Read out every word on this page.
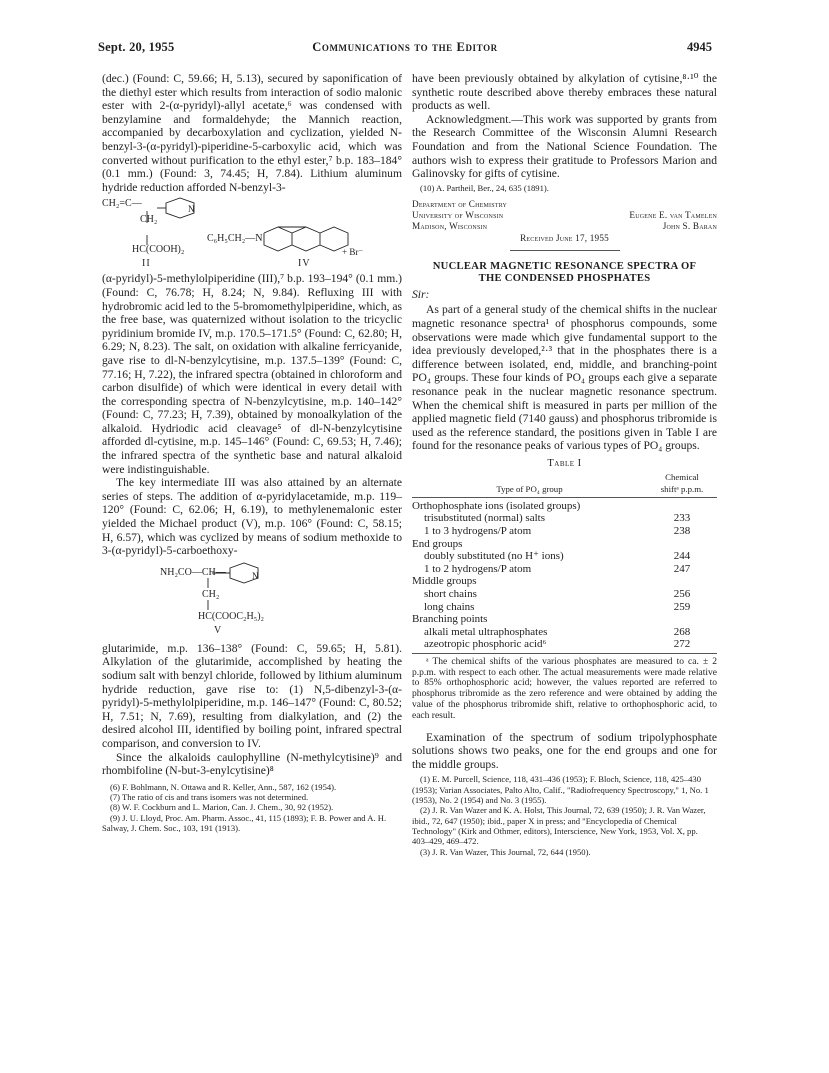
Sept. 20, 1955	Communications to the Editor	4945

(dec.) (Found: C, 59.66; H, 5.13), secured by saponification of the diethyl ester which results from interaction of sodio malonic ester with 2-(α-pyridyl)-allyl acetate,⁶ was condensed with benzylamine and formaldehyde; the Mannich reaction, accompanied by decarboxylation and cyclization, yielded N-benzyl-3-(α-pyridyl)-piperidine-5-carboxylic acid, which was converted without purification to the ethyl ester,⁷ b.p. 183–184° (0.1 mm.) (Found: 3, 74.45; H, 7.84). Lithium aluminum hydride reduction afforded N-benzyl-3-

CH₂=C—	N
CH₂
HC(COOH)₂
II
C₆H₅CH₂—N
+ Br⁻
IV

(α-pyridyl)-5-methylolpiperidine (III),⁷ b.p. 193–194° (0.1 mm.) (Found: C, 76.78; H, 8.24; N, 9.84). Refluxing III with hydrobromic acid led to the 5-bromomethylpiperidine, which, as the free base, was quaternized without isolation to the tricyclic pyridinium bromide IV, m.p. 170.5–171.5° (Found: C, 62.80; H, 6.29; N, 8.23). The salt, on oxidation with alkaline ferricyanide, gave rise to dl-N-benzylcytisine, m.p. 137.5–139° (Found: C, 77.16; H, 7.22), the infrared spectra (obtained in chloroform and carbon disulfide) of which were identical in every detail with the corresponding spectra of N-benzylcytisine, m.p. 140–142° (Found: C, 77.23; H, 7.39), obtained by monoalkylation of the alkaloid. Hydriodic acid cleavage⁵ of dl-N-benzylcytisine afforded dl-cytisine, m.p. 145–146° (Found: C, 69.53; H, 7.46); the infrared spectra of the synthetic base and natural alkaloid were indistinguishable.

The key intermediate III was also attained by an alternate series of steps. The addition of α-pyridylacetamide, m.p. 119–120° (Found: C, 62.06; H, 6.19), to methylenemalonic ester yielded the Michael product (V), m.p. 106° (Found: C, 58.15; H, 6.57), which was cyclized by means of sodium methoxide to 3-(α-pyridyl)-5-carboethoxy-

NH₂CO—CH—	N
CH₂
HC(COOC₂H₅)₂
V

glutarimide, m.p. 136–138° (Found: C, 59.65; H, 5.81). Alkylation of the glutarimide, accomplished by heating the sodium salt with benzyl chloride, followed by lithium aluminum hydride reduction, gave rise to: (1) N,5-dibenzyl-3-(α-pyridyl)-5-methylolpiperidine, m.p. 146–147° (Found: C, 80.52; H, 7.51; N, 7.69), resulting from dialkylation, and (2) the desired alcohol III, identified by boiling point, infrared spectral comparison, and conversion to IV.

Since the alkaloids caulophylline (N-methylcytisine)⁹ and rhombifoline (N-but-3-enylcytisine)⁸

(6) F. Bohlmann, N. Ottawa and R. Keller, Ann., 587, 162 (1954).

(7) The ratio of cis and trans isomers was not determined.

(8) W. F. Cockburn and L. Marion, Can. J. Chem., 30, 92 (1952).

(9) J. U. Lloyd, Proc. Am. Pharm. Assoc., 41, 115 (1893); F. B. Power and A. H. Salway, J. Chem. Soc., 103, 191 (1913).

have been previously obtained by alkylation of cytisine,⁸·¹⁰ the synthetic route described above thereby embraces these natural products as well.

Acknowledgment.—This work was supported by grants from the Research Committee of the Wisconsin Alumni Research Foundation and from the National Science Foundation. The authors wish to express their gratitude to Professors Marion and Galinovsky for gifts of cytisine.

(10) A. Partheil, Ber., 24, 635 (1891).

Department of Chemistry
University of Wisconsin	Eugene E. van Tamelen
Madison, Wisconsin	John S. Baran
Received June 17, 1955
NUCLEAR MAGNETIC RESONANCE SPECTRA OF
THE CONDENSED PHOSPHATES

Sir:

As part of a general study of the chemical shifts in the nuclear magnetic resonance spectra¹ of phosphorus compounds, some observations were made which give fundamental support to the idea previously developed,²·³ that in the phosphates there is a difference between isolated, end, middle, and branching-point PO₄ groups. These four kinds of PO₄ groups each give a separate resonance peak in the nuclear magnetic resonance spectrum. When the chemical shift is measured in parts per million of the applied magnetic field (7140 gauss) and phosphorus tribromide is used as the reference standard, the positions given in Table I are found for the resonance peaks of various types of PO₄ groups.

Table I
Type of PO₄ group	Chemical
shiftᵃ p.p.m.

Orthophosphate ions (isolated groups)	
trisubstituted (normal) salts	233
1 to 3 hydrogens/P atom	238
End groups	
doubly substituted (no H⁺ ions)	244
1 to 2 hydrogens/P atom	247
Middle groups	
short chains	256
long chains	259
Branching points	
alkali metal ultraphosphates	268
azeotropic phosphoric acid⁶	272

ᵃ The chemical shifts of the various phosphates are measured to ca. ± 2 p.p.m. with respect to each other. The actual measurements were made relative to 85% orthophosphoric acid; however, the values reported are referred to phosphorus tribromide as the zero reference and were obtained by adding the value of the phosphorus tribromide shift, relative to orthophosphoric acid, to each result.

Examination of the spectrum of sodium tripolyphosphate solutions shows two peaks, one for the end groups and one for the middle groups.

(1) E. M. Purcell, Science, 118, 431–436 (1953); F. Bloch, Science, 118, 425–430 (1953); Varian Associates, Palto Alto, Calif., "Radiofrequency Spectroscopy," 1, No. 1 (1953), No. 2 (1954) and No. 3 (1955).

(2) J. R. Van Wazer and K. A. Holst, This Journal, 72, 639 (1950); J. R. Van Wazer, ibid., 72, 647 (1950); ibid., paper X in press; and "Encyclopedia of Chemical Technology" (Kirk and Othmer, editors), Interscience, New York, 1953, Vol. X, pp. 403–429, 469–472.

(3) J. R. Van Wazer, This Journal, 72, 644 (1950).
